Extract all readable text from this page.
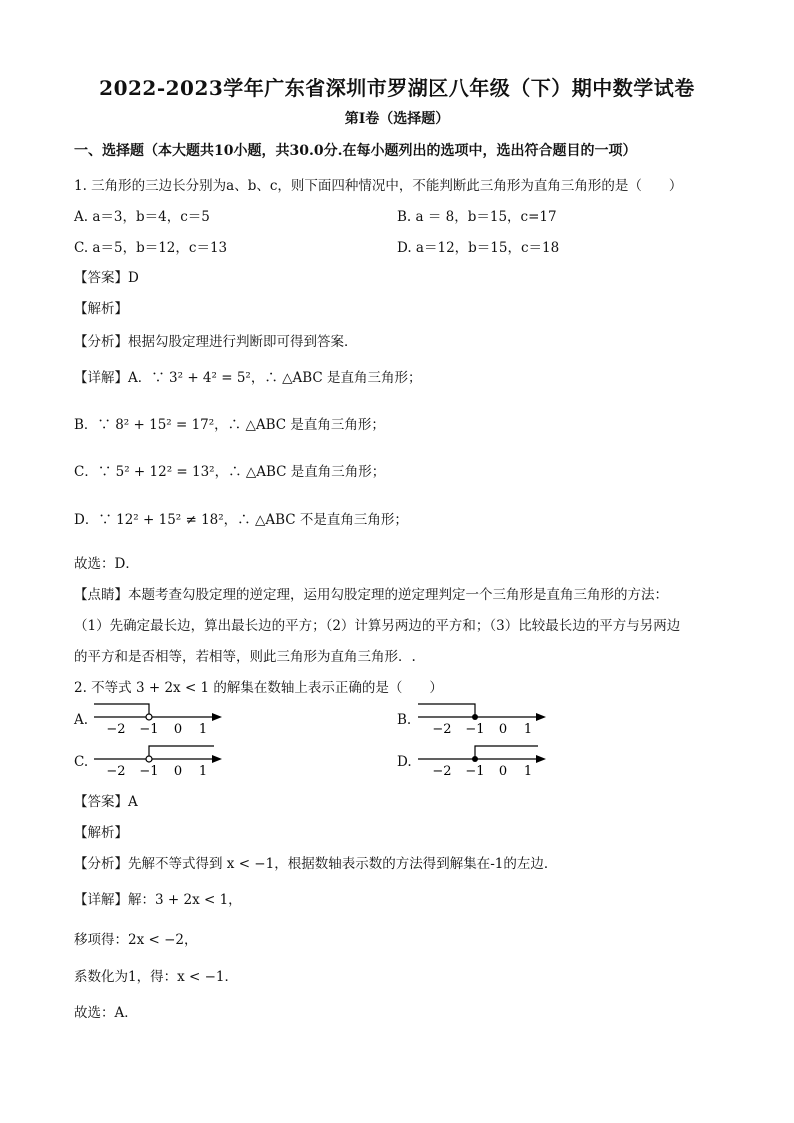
2022-2023学年广东省深圳市罗湖区八年级（下）期中数学试卷
第I卷（选择题）
一、选择题（本大题共10小题，共30.0分.在每小题列出的选项中，选出符合题目的一项）
1. 三角形的三边长分别为a、b、c，则下面四种情况中，不能判断此三角形为直角三角形的是（　　）
A. a＝3，b＝4，c＝5	B. a ＝ 8，b＝15，c=17
C. a＝5，b＝12，c＝13	D. a＝12，b＝15，c＝18
【答案】D
【解析】
【分析】根据勾股定理进行判断即可得到答案．
【详解】A．∵ 3² + 4² = 5²，∴ △ABC 是直角三角形；
B．∵ 8² + 15² = 17²，∴ △ABC 是直角三角形；
C．∵ 5² + 12² = 13²，∴ △ABC 是直角三角形；
D．∵ 12² + 15² ≠ 18²，∴ △ABC 不是直角三角形；
故选：D．
【点睛】本题考查勾股定理的逆定理，运用勾股定理的逆定理判定一个三角形是直角三角形的方法：
（1）先确定最长边，算出最长边的平方；（2）计算另两边的平方和；（3）比较最长边的平方与另两边
的平方和是否相等，若相等，则此三角形为直角三角形．.
2. 不等式 3 + 2x < 1 的解集在数轴上表示正确的是（　　）
A.
−2 −1 0 1
B.
−2 −1 0 1
C.
−2 −1 0 1
D.
−2 −1 0 1
【答案】A
【解析】
【分析】先解不等式得到 x < −1，根据数轴表示数的方法得到解集在-1的左边．
【详解】解：3 + 2x < 1，
移项得：2x < −2，
系数化为1，得：x < −1．
故选：A．
